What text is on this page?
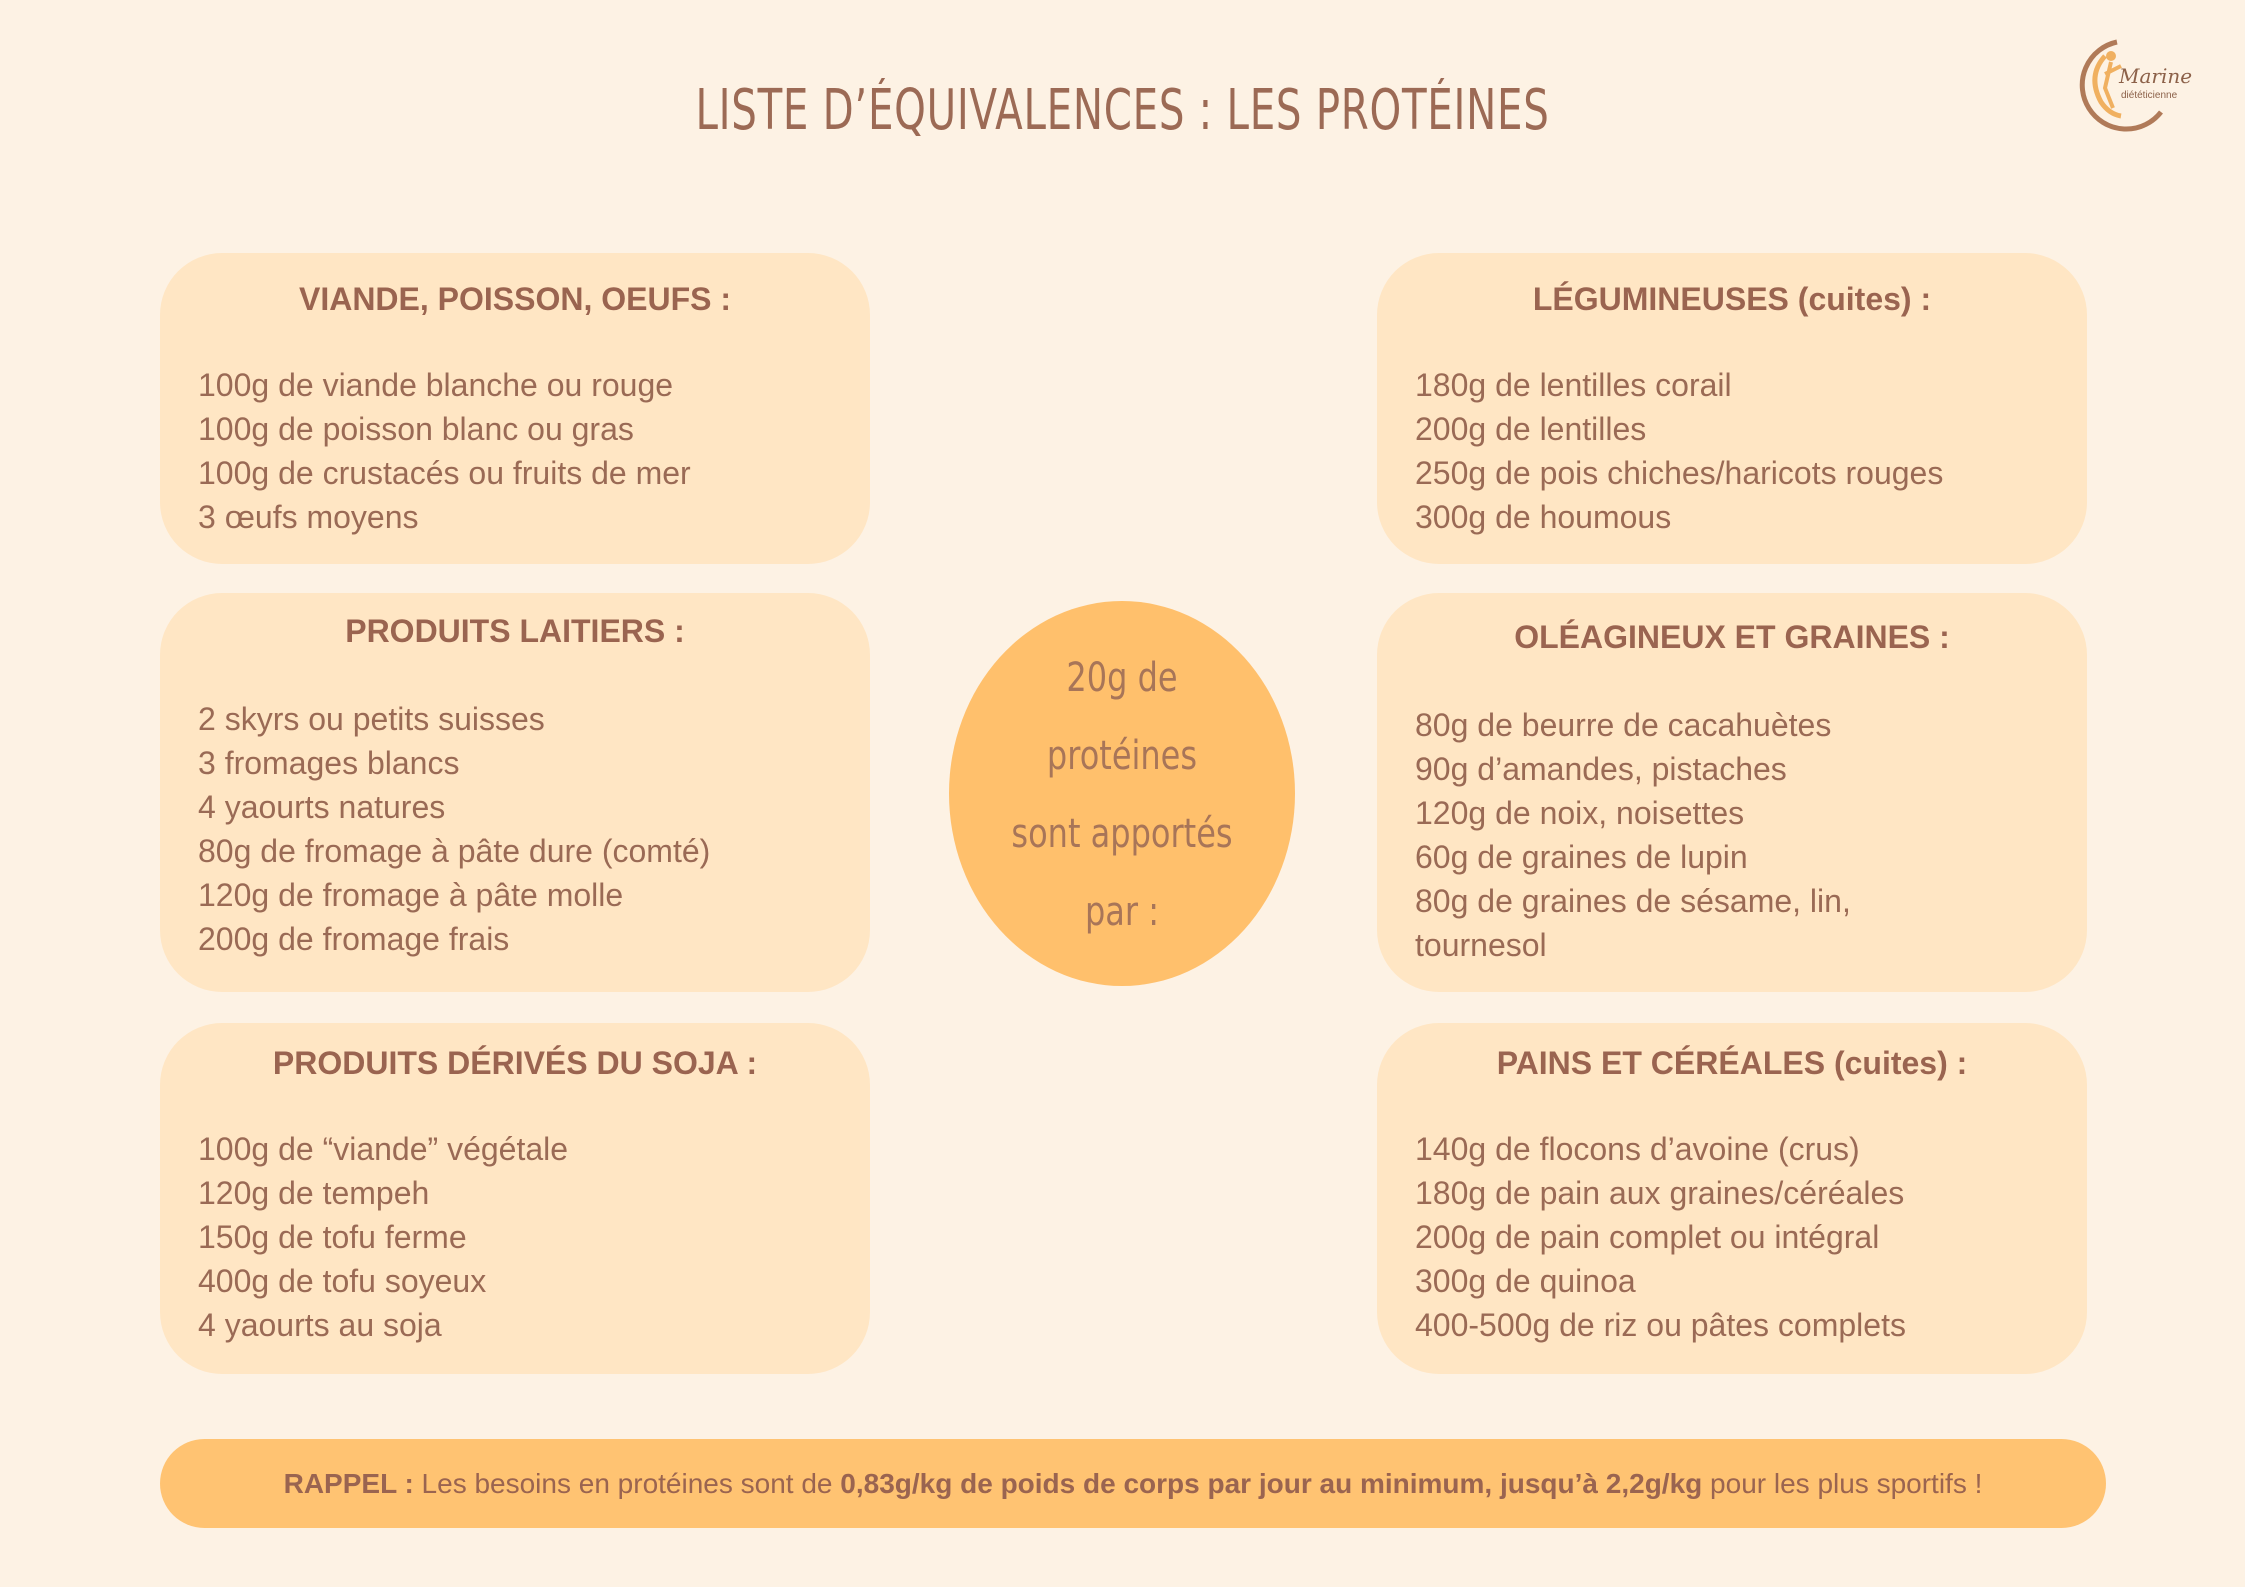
LISTE D’ÉQUIVALENCES : LES PROTÉINES
Marine
diététicienne
VIANDE, POISSON, OEUFS :
100g de viande blanche ou rouge
100g de poisson blanc ou gras
100g de crustacés ou fruits de mer
3 œufs moyens
PRODUITS LAITIERS :
2 skyrs ou petits suisses
3 fromages blancs
4 yaourts natures
80g de fromage à pâte dure (comté)
120g de fromage à pâte molle
200g de fromage frais
PRODUITS DÉRIVÉS DU SOJA :
100g de “viande” végétale
120g de tempeh
150g de tofu ferme
400g de tofu soyeux
4 yaourts au soja
20g de
protéines
sont apportés
par :
LÉGUMINEUSES (cuites) :
180g de lentilles corail
200g de lentilles
250g de pois chiches/haricots rouges
300g de houmous
OLÉAGINEUX ET GRAINES :
80g de beurre de cacahuètes
90g d’amandes, pistaches
120g de noix, noisettes
60g de graines de lupin
80g de graines de sésame, lin,
tournesol
PAINS ET CÉRÉALES (cuites) :
140g de flocons d’avoine (crus)
180g de pain aux graines/céréales
200g de pain complet ou intégral
300g de quinoa
400-500g de riz ou pâtes complets
RAPPEL : Les besoins en protéines sont de 0,83g/kg de poids de corps par jour au minimum, jusqu’à 2,2g/kg pour les plus sportifs !
